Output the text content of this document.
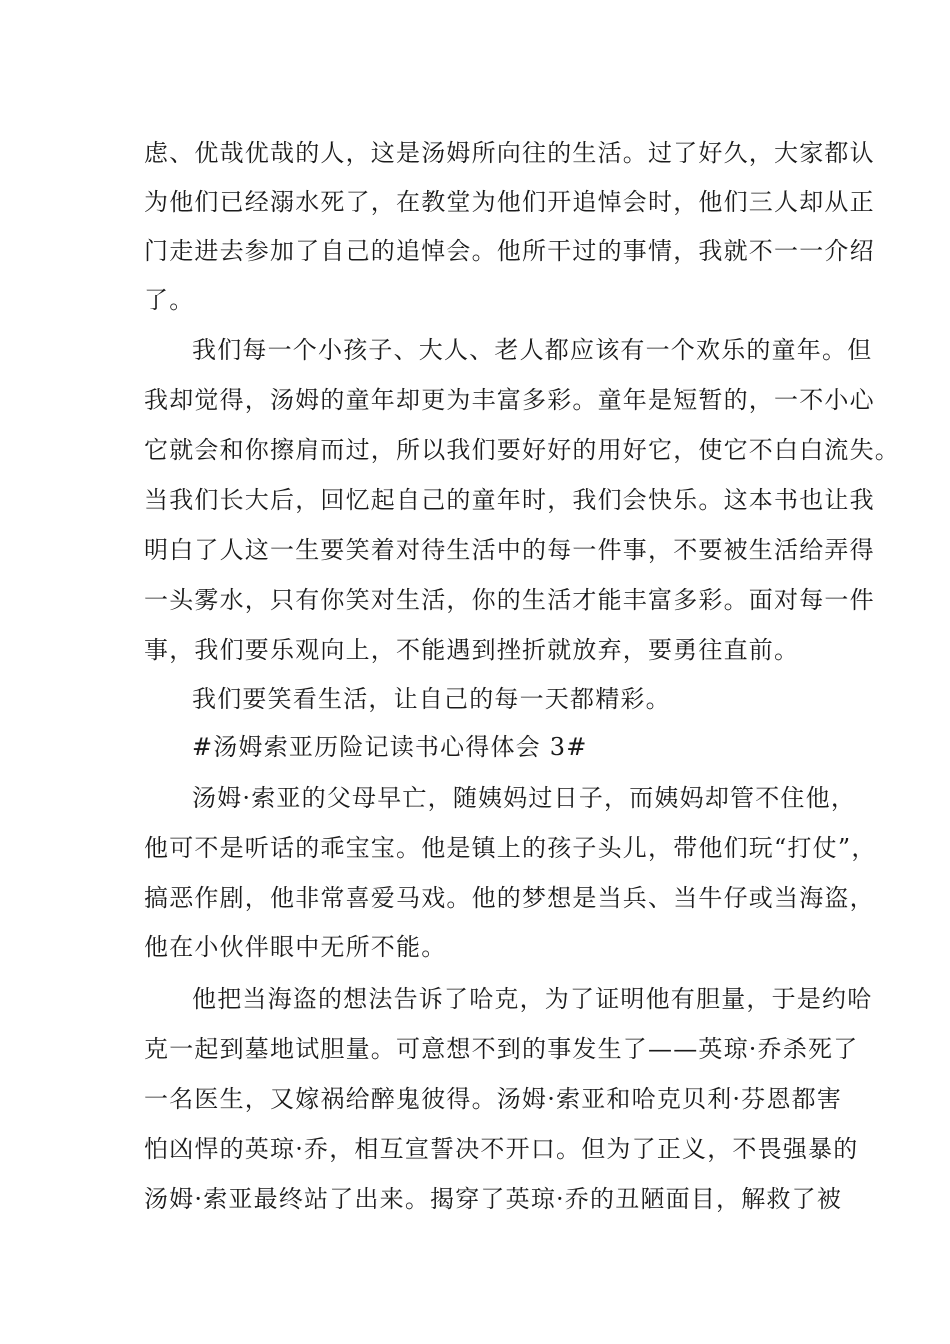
虑、优哉优哉的人，这是汤姆所向往的生活。过了好久，大家都认
为他们已经溺水死了，在教堂为他们开追悼会时，他们三人却从正
门走进去参加了自己的追悼会。他所干过的事情，我就不一一介绍
了。
我们每一个小孩子、大人、老人都应该有一个欢乐的童年。但
我却觉得，汤姆的童年却更为丰富多彩。童年是短暂的，一不小心
它就会和你擦肩而过，所以我们要好好的用好它，使它不白白流失。
当我们长大后，回忆起自己的童年时，我们会快乐。这本书也让我
明白了人这一生要笑着对待生活中的每一件事，不要被生活给弄得
一头雾水，只有你笑对生活，你的生活才能丰富多彩。面对每一件
事，我们要乐观向上，不能遇到挫折就放弃，要勇往直前。
我们要笑看生活，让自己的每一天都精彩。
#汤姆索亚历险记读书心得体会 3#
汤姆·索亚的父母早亡，随姨妈过日子，而姨妈却管不住他，
他可不是听话的乖宝宝。他是镇上的孩子头儿，带他们玩“打仗”，
搞恶作剧，他非常喜爱马戏。他的梦想是当兵、当牛仔或当海盗，
他在小伙伴眼中无所不能。
他把当海盗的想法告诉了哈克，为了证明他有胆量，于是约哈
克一起到墓地试胆量。可意想不到的事发生了——英琼·乔杀死了
一名医生，又嫁祸给醉鬼彼得。汤姆·索亚和哈克贝利·芬恩都害
怕凶悍的英琼·乔，相互宣誓决不开口。但为了正义，不畏强暴的
汤姆·索亚最终站了出来。揭穿了英琼·乔的丑陋面目，解救了被
